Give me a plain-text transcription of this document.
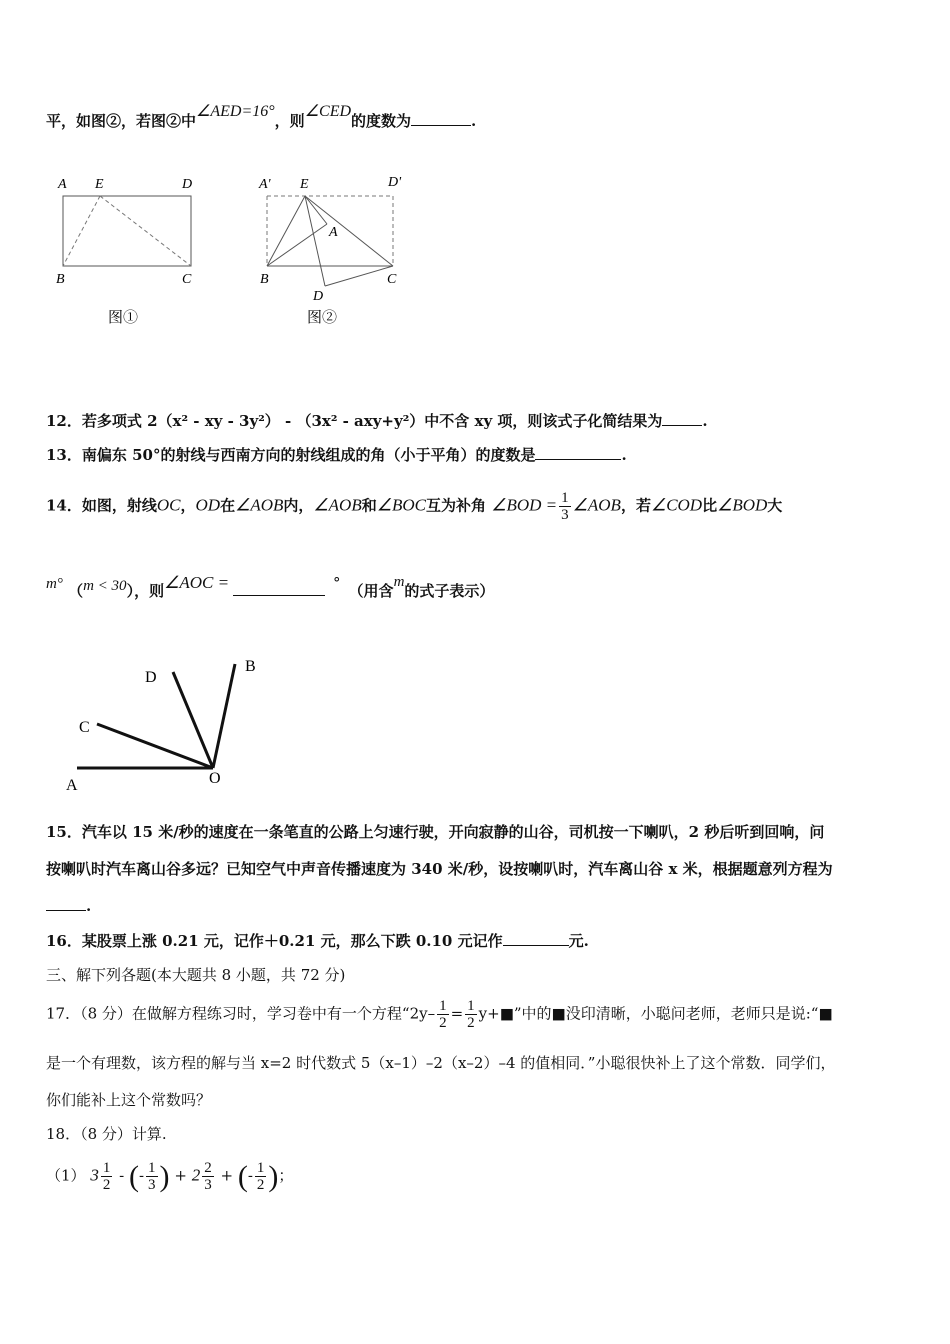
平，如图②，若图②中∠AED=16°，则∠CED的度数为	.
A E	D
B	C
图①
A' E	D'
A
B	C
D
图②
12．若多项式 2（x² - xy - 3y²） - （3x² - axy+y²）中不含 xy 项，则该式子化简结果为	.
13．南偏东 50°的射线与西南方向的射线组成的角（小于平角）的度数是	.
14．如图，射线OC，OD在∠AOB内，∠AOB和∠BOC互为补角 ∠BOD = $\frac{1}{3}$ ∠AOB，若∠COD比∠BOD大
m° （m < 30），则∠AOC =	° （用含m的式子表示）
D
B
C
A	O
15．汽车以 15 米/秒的速度在一条笔直的公路上匀速行驶，开向寂静的山谷，司机按一下喇叭，2 秒后听到回响，问
按喇叭时汽车离山谷多远？已知空气中声音传播速度为 340 米/秒，设按喇叭时，汽车离山谷 x 米，根据题意列方程为
.
16．某股票上涨 0.21 元，记作＋0.21 元，那么下跌 0.10 元记作	元.
三、解下列各题(本大题共 8 小题，共 72 分)
17．（8 分）在做解方程练习时，学习卷中有一个方程“$2y- \frac{1}{2} = \frac{1}{2}$ y+■”中的■没印清晰，小聪问老师，老师只是说:“■
是一个有理数，该方程的解与当 x=2 时代数式 5（x–1）–2（x–2）–4 的值相同．”小聪很快补上了这个常数．同学们，
你们能补上这个常数吗？
18．（8 分）计算.
（1） $3 \frac{1}{2}$ - (- $\frac{1}{3}$ ) + $2 \frac{2}{3}$ + (- $\frac{1}{2}$ )；
